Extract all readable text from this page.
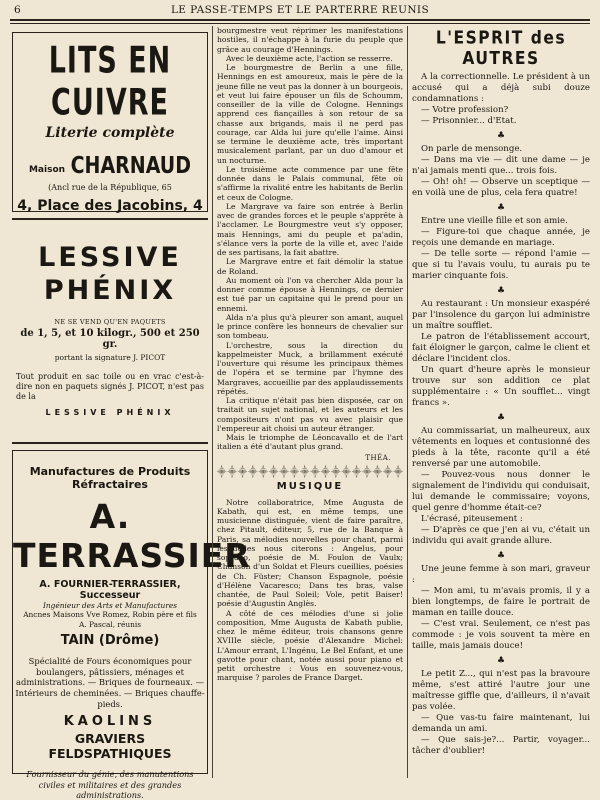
6	LE PASSE-TEMPS ET LE PARTERRE REUNIS
LITS EN CUIVRE
Literie complète
Maison CHARNAUD
(Ancl rue de la République, 65
4, Place des Jacobins, 4
LESSIVE
PHÉNIX
NE SE VEND QU'EN PAQUETS
de 1, 5, et 10 kilogr., 500 et 250 gr.
portant la signature J. PICOT
Tout produit en sac toile ou en vrac c'est-à-dire non en paquets signés J. PICOT, n'est pas de la
LESSIVE PHÉNIX
Manufactures de Produits Réfractaires
A. TERRASSIER
A. FOURNIER-TERRASSIER, Successeur
Ingénieur des Arts et Manufactures
Ancnes Maisons Vve Romez, Robin père et fils
A. Pascal, réunis
TAIN (Drôme)
Spécialité de Fours économiques pour boulangers, pâtissiers, ménages et administrations. — Briques de fourneaux. — Intérieurs de cheminées. — Briques chauffe-pieds.
KAOLINS
GRAVIERS FELDSPATHIQUES
Fournisseur du génie, des manutentions civiles et militaires et des grandes administrations.

bourgmestre veut réprimer les manifestations hostiles, il n'échappe à la furie du peuple que grâce au courage d'Hennings.

Avec le deuxième acte, l'action se resserre.

Le bourgmestre de Berlin a une fille, Hennings en est amoureux, mais le père de la jeune fille ne veut pas la donner à un bourgeois, et veut lui faire épouser un fils de Schoumm, conseiller de la ville de Cologne. Hennings apprend ces fiançailles à son retour de sa chasse aux brigands, mais il ne perd pas courage, car Alda lui jure qu'elle l'aime. Ainsi se termine le deuxième acte, très important musicalement parlant, par un duo d'amour et un nocturne.

Le troisième acte commence par une fête donnée dans le Palais communal, fête où s'affirme la rivalité entre les habitants de Berlin et ceux de Cologne.

Le Margrave va faire son entrée à Berlin avec de grandes forces et le peuple s'apprête à l'acclamer. Le Bourgmestre veut s'y opposer, mais Hennings, ami du peuple et pa'adin, s'élance vers la porte de la ville et, avec l'aide de ses partisans, la fait abattre.

Le Margrave entre et fait démolir la statue de Roland.

Au moment où l'on va chercher Alda pour la donner comme épouse à Hennings, ce dernier est tué par un capitaine qui le prend pour un ennemi.

Alda n'a plus qu'à pleurer son amant, auquel le prince confère les honneurs de chevalier sur son tombeau.

L'orchestre, sous la direction du kappelmeister Muck, a brillamment exécuté l'ouverture qui résume les principaux thèmes de l'opéra et se termine par l'hymne des Margraves, accueillie par des applaudissements répétés.

La critique n'était pas bien disposée, car on traitait un sujet national, et les auteurs et les compositeurs n'ont pas vu avec plaisir que l'empereur ait choisi un auteur étranger.

Mais le triomphe de Léoncavallo et de l'art italien a été d'autant plus grand.

THÉA.
⸎⸎⸎⸎⸎⸎⸎⸎⸎⸎⸎⸎⸎⸎⸎⸎⸎⸎
MUSIQUE

Notre collaboratrice, Mme Augusta de Kabath, qui est, en même temps, une musicienne distinguée, vient de faire paraître, chez Pitault, éditeur, 5, rue de la Banque à Paris, sa mélodies nouvelles pour chant, parmi lesquelles nous citerons : Angelus, pour soprano, poésie de M. Foulon de Vaulx; Chanson d'un Soldat et Fleurs cueillies, poésies de Ch. Füster; Chanson Espagnole, poésie d'Hélène Vacaresco; Dans tes bras, valse chantée, de Paul Soleil; Vole, petit Baiser! poésie d'Augustin Anglès.

A côté de ces mélodies d'une si jolie composition, Mme Augusta de Kabath publie, chez le même éditeur, trois chansons genre XVIIIe siècle, poésie d'Alexandre Michel: L'Amour errant, L'Ingénu, Le Bel Enfant, et une gavotte pour chant, notée aussi pour piano et petit orchestre : Vous en souvenez-vous, marquise ? paroles de France Darget.

L'ESPRIT des AUTRES

A la correctionnelle. Le président à un accusé qui a déjà subi douze condamnations :

— Votre profession?

— Prisonnier... d'Etat.

♣

On parle de mensonge.

— Dans ma vie — dit une dame — je n'ai jamais menti que... trois fois.

— Oh! oh! — Observe un sceptique — en voilà une de plus, cela fera quatre!

♣

Entre une vieille fille et son amie.

— Figure-toi que chaque année, je reçois une demande en mariage.

— De telle sorte — répond l'amie — que si tu l'avais voulu, tu aurais pu te marier cinquante fois.

♣

Au restaurant : Un monsieur exaspéré par l'insolence du garçon lui administre un maître soufflet.

Le patron de l'établissement accourt, fait éloigner le garçon, calme le client et déclare l'incident clos.

Un quart d'heure après le monsieur trouve sur son addition ce plat supplémentaire : « Un soufflet... vingt francs ».

♣

Au commissariat, un malheureux, aux vêtements en loques et contusionné des pieds à la tête, raconte qu'il a été renversé par une automobile.

— Pouvez-vous nous donner le signalement de l'individu qui conduisait, lui demande le commissaire; voyons, quel genre d'homme était-ce?

L'écrasé, piteusement :

— D'après ce que j'en ai vu, c'était un individu qui avait grande allure.

♣

Une jeune femme à son mari, graveur :

— Mon ami, tu m'avais promis, il y a bien longtemps, de faire le portrait de maman en taille douce.

— C'est vrai. Seulement, ce n'est pas commode : je vois souvent ta mère en taille, mais jamais douce!

♣

Le petit Z..., qui n'est pas la bravoure même, s'est attiré l'autre jour une maîtresse giffle que, d'ailleurs, il n'avait pas volée.

— Que vas-tu faire maintenant, lui demanda un ami.

— Que sais-je?... Partir, voyager... tâcher d'oublier!
